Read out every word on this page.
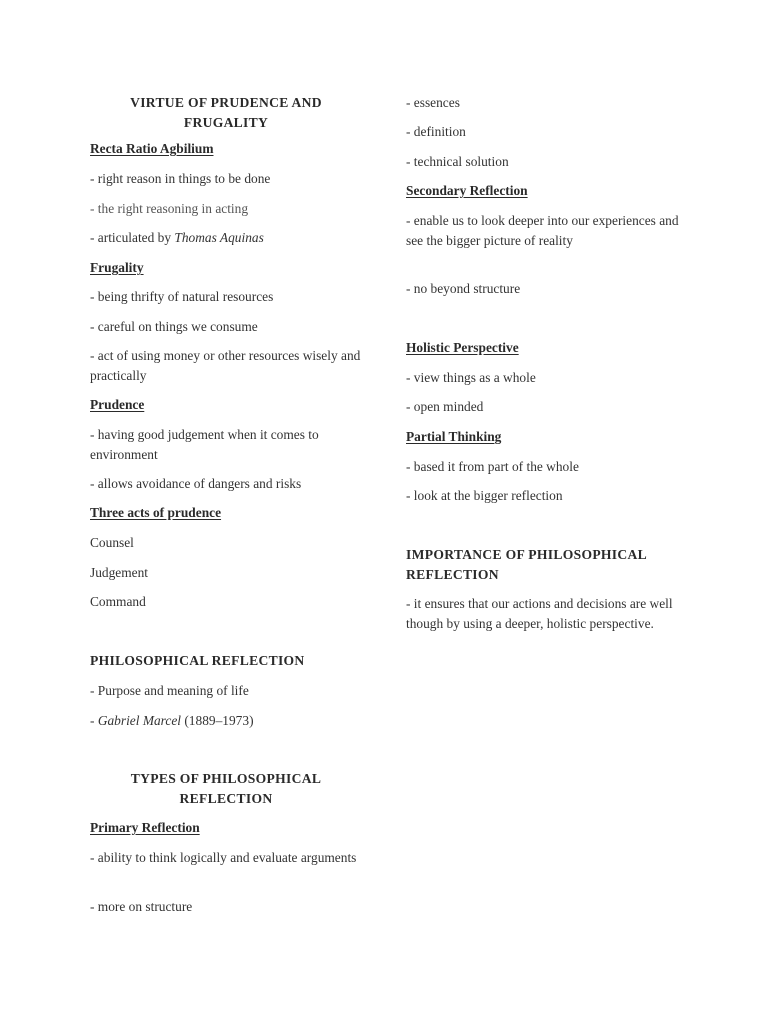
VIRTUE OF PRUDENCE AND FRUGALITY
Recta Ratio Agbilium
- right reason in things to be done
- the right reasoning in acting
- articulated by Thomas Aquinas
Frugality
- being thrifty of natural resources
- careful on things we consume
- act of using money or other resources wisely and practically
Prudence
- having good judgement when it comes to environment
- allows avoidance of dangers and risks
Three acts of prudence
Counsel
Judgement
Command
PHILOSOPHICAL REFLECTION
- Purpose and meaning of life
- Gabriel Marcel (1889–1973)
TYPES OF PHILOSOPHICAL REFLECTION
Primary Reflection
- ability to think logically and evaluate arguments
- more on structure
- essences
- definition
- technical solution
Secondary Reflection
- enable us to look deeper into our experiences and see the bigger picture of reality
- no beyond structure
Holistic Perspective
- view things as a whole
- open minded
Partial Thinking
- based it from part of the whole
- look at the bigger reflection
IMPORTANCE OF PHILOSOPHICAL REFLECTION
- it ensures that our actions and decisions are well though by using a deeper, holistic perspective.
